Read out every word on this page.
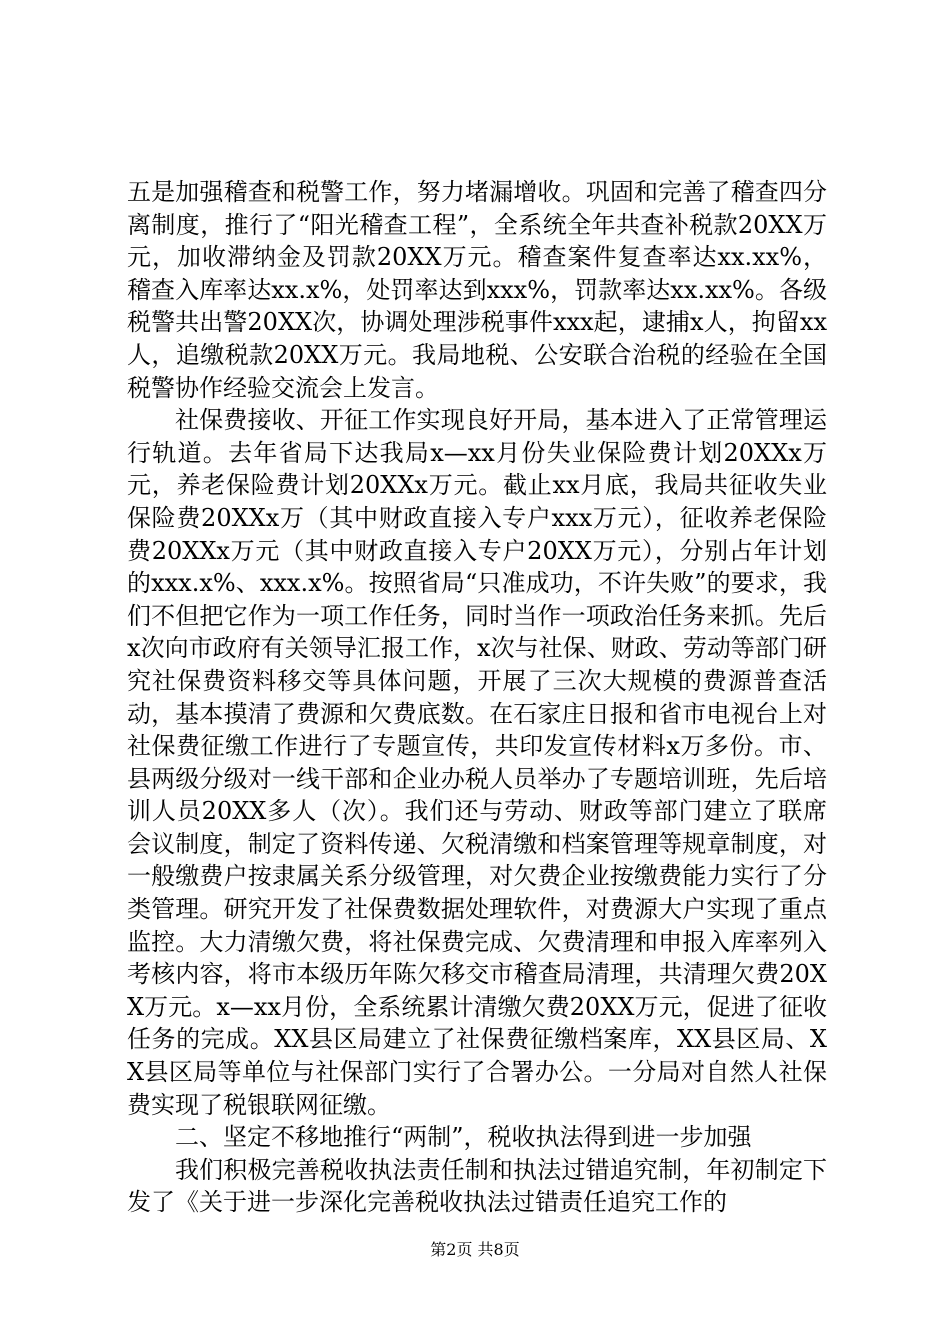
五是加强稽查和税警工作，努力堵漏增收。巩固和完善了稽查四分离制度，推行了“阳光稽查工程”，全系统全年共查补税款20XX万元，加收滞纳金及罚款20XX万元。稽查案件复查率达xx.xx%，稽查入库率达xx.x%，处罚率达到xxx%，罚款率达xx.xx%。各级税警共出警20XX次，协调处理涉税事件xxx起，逮捕x人，拘留xx人，追缴税款20XX万元。我局地税、公安联合治税的经验在全国税警协作经验交流会上发言。

社保费接收、开征工作实现良好开局，基本进入了正常管理运行轨道。去年省局下达我局x—xx月份失业保险费计划20XXx万元，养老保险费计划20XXx万元。截止xx月底，我局共征收失业保险费20XXx万（其中财政直接入专户xxx万元），征收养老保险费20XXx万元（其中财政直接入专户20XX万元），分别占年计划的xxx.x%、xxx.x%。按照省局“只准成功，不许失败”的要求，我们不但把它作为一项工作任务，同时当作一项政治任务来抓。先后x次向市政府有关领导汇报工作，x次与社保、财政、劳动等部门研究社保费资料移交等具体问题，开展了三次大规模的费源普查活动，基本摸清了费源和欠费底数。在石家庄日报和省市电视台上对社保费征缴工作进行了专题宣传，共印发宣传材料x万多份。市、县两级分级对一线干部和企业办税人员举办了专题培训班，先后培训人员20XX多人（次）。我们还与劳动、财政等部门建立了联席会议制度，制定了资料传递、欠税清缴和档案管理等规章制度，对一般缴费户按隶属关系分级管理，对欠费企业按缴费能力实行了分类管理。研究开发了社保费数据处理软件，对费源大户实现了重点监控。大力清缴欠费，将社保费完成、欠费清理和申报入库率列入考核内容，将市本级历年陈欠移交市稽查局清理，共清理欠费20XX万元。x—xx月份，全系统累计清缴欠费20XX万元，促进了征收任务的完成。XX县区局建立了社保费征缴档案库，XX县区局、XX县区局等单位与社保部门实行了合署办公。一分局对自然人社保费实现了税银联网征缴。

二、坚定不移地推行“两制”，税收执法得到进一步加强

我们积极完善税收执法责任制和执法过错追究制，年初制定下发了《关于进一步深化完善税收执法过错责任追究工作的

第2页 共8页
